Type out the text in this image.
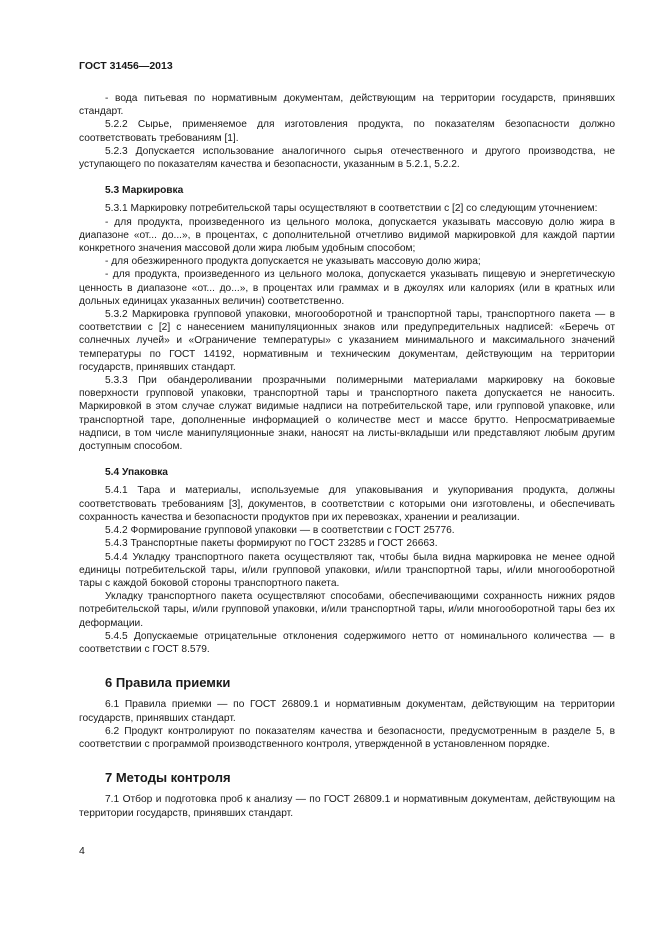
ГОСТ 31456—2013
- вода питьевая по нормативным документам, действующим на территории государств, принявших стандарт.
5.2.2 Сырье, применяемое для изготовления продукта, по показателям безопасности должно соответствовать требованиям [1].
5.2.3 Допускается использование аналогичного сырья отечественного и другого производства, не уступающего по показателям качества и безопасности, указанным в 5.2.1, 5.2.2.
5.3 Маркировка
5.3.1 Маркировку потребительской тары осуществляют в соответствии с [2] со следующим уточнением:
- для продукта, произведенного из цельного молока, допускается указывать массовую долю жира в диапазоне «от... до...», в процентах, с дополнительной отчетливо видимой маркировкой для каждой партии конкретного значения массовой доли жира любым удобным способом;
- для обезжиренного продукта допускается не указывать массовую долю жира;
- для продукта, произведенного из цельного молока, допускается указывать пищевую и энергетическую ценность в диапазоне «от... до...», в процентах или граммах и в джоулях или калориях (или в кратных или дольных единицах указанных величин) соответственно.
5.3.2 Маркировка групповой упаковки, многооборотной и транспортной тары, транспортного пакета — в соответствии с [2] с нанесением манипуляционных знаков или предупредительных надписей: «Беречь от солнечных лучей» и «Ограничение температуры» с указанием минимального и максимального значений температуры по ГОСТ 14192, нормативным и техническим документам, действующим на территории государств, принявших стандарт.
5.3.3 При обандероливании прозрачными полимерными материалами маркировку на боковые поверхности групповой упаковки, транспортной тары и транспортного пакета допускается не наносить. Маркировкой в этом случае служат видимые надписи на потребительской таре, или групповой упаковке, или транспортной таре, дополненные информацией о количестве мест и массе брутто. Непросматриваемые надписи, в том числе манипуляционные знаки, наносят на листы-вкладыши или представляют любым другим доступным способом.
5.4 Упаковка
5.4.1 Тара и материалы, используемые для упаковывания и укупоривания продукта, должны соответствовать требованиям [3], документов, в соответствии с которыми они изготовлены, и обеспечивать сохранность качества и безопасности продуктов при их перевозках, хранении и реализации.
5.4.2 Формирование групповой упаковки — в соответствии с ГОСТ 25776.
5.4.3 Транспортные пакеты формируют по ГОСТ 23285 и ГОСТ 26663.
5.4.4 Укладку транспортного пакета осуществляют так, чтобы была видна маркировка не менее одной единицы потребительской тары, и/или групповой упаковки, и/или транспортной тары, и/или многооборотной тары с каждой боковой стороны транспортного пакета.
Укладку транспортного пакета осуществляют способами, обеспечивающими сохранность нижних рядов потребительской тары, и/или групповой упаковки, и/или транспортной тары, и/или многооборотной тары без их деформации.
5.4.5 Допускаемые отрицательные отклонения содержимого нетто от номинального количества — в соответствии с ГОСТ 8.579.
6 Правила приемки
6.1 Правила приемки — по ГОСТ 26809.1 и нормативным документам, действующим на территории государств, принявших стандарт.
6.2 Продукт контролируют по показателям качества и безопасности, предусмотренным в разделе 5, в соответствии с программой производственного контроля, утвержденной в установленном порядке.
7 Методы контроля
7.1 Отбор и подготовка проб к анализу — по ГОСТ 26809.1 и нормативным документам, действующим на территории государств, принявших стандарт.
4
